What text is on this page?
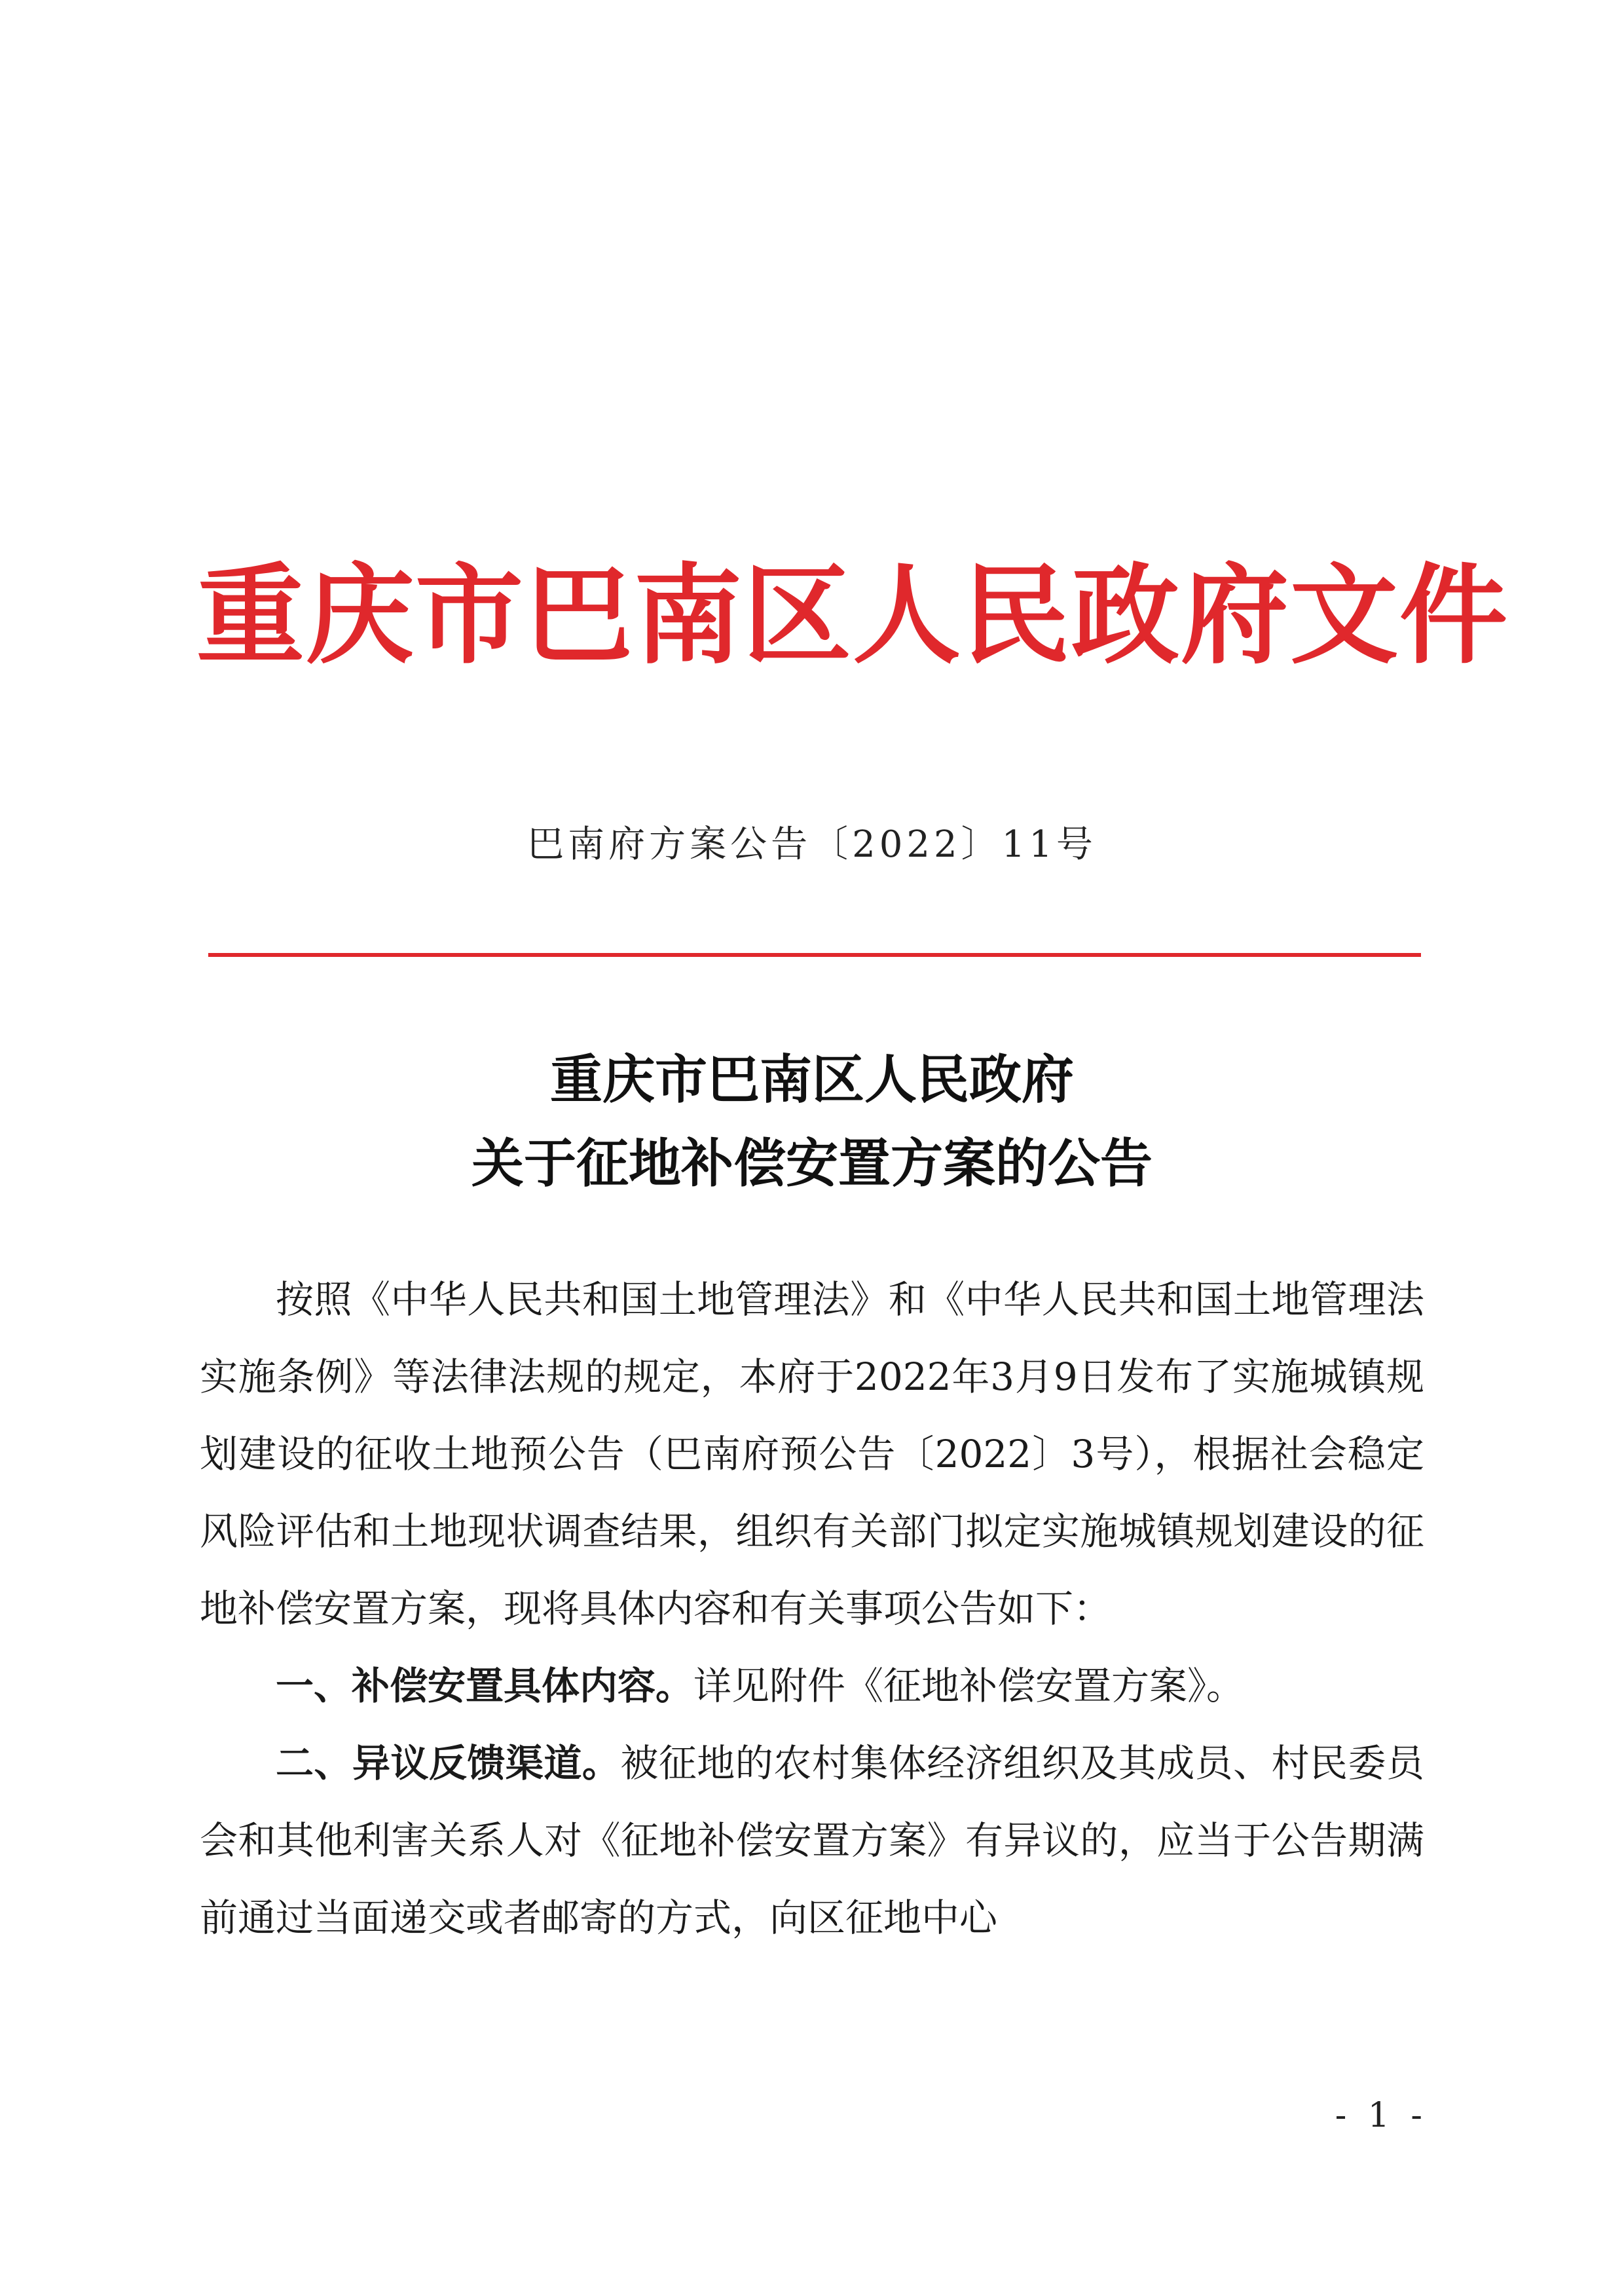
重庆市巴南区人民政府文件
巴南府方案公告〔2022〕11号
重庆市巴南区人民政府
关于征地补偿安置方案的公告

按照《中华人民共和国土地管理法》和《中华人民共和国土地管理法实施条例》等法律法规的规定，本府于2022年3月9日发布了实施城镇规划建设的征收土地预公告（巴南府预公告〔2022〕3号），根据社会稳定风险评估和土地现状调查结果，组织有关部门拟定实施城镇规划建设的征地补偿安置方案，现将具体内容和有关事项公告如下：

一、补偿安置具体内容。详见附件《征地补偿安置方案》。

二、异议反馈渠道。被征地的农村集体经济组织及其成员、村民委员会和其他利害关系人对《征地补偿安置方案》有异议的，应当于公告期满前通过当面递交或者邮寄的方式，向区征地中心

- 1 -
